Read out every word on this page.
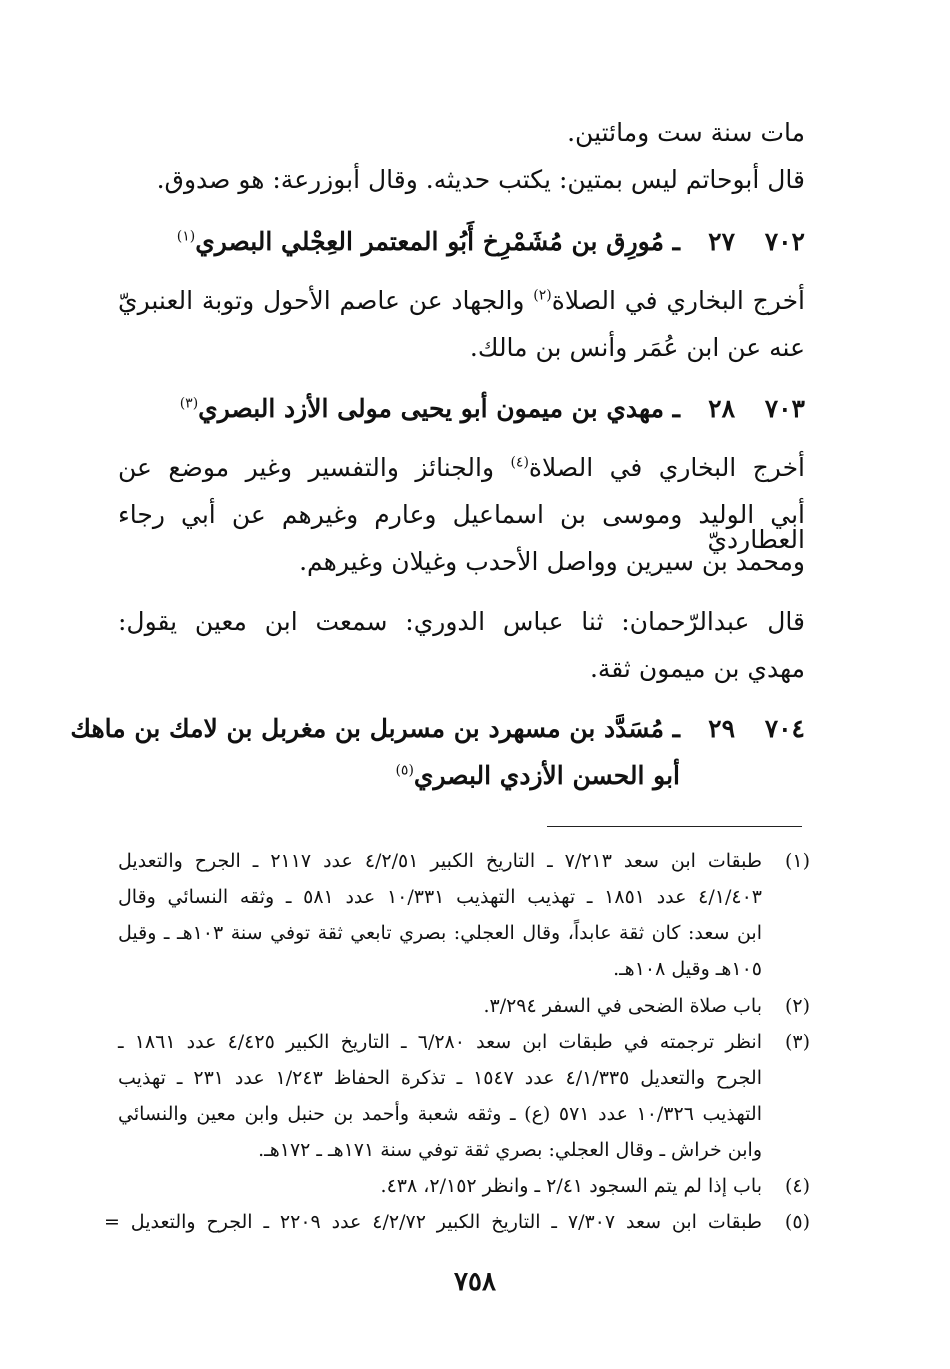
مات سنة ست ومائتين.
قال أبوحاتم ليس بمتين: يكتب حديثه. وقال أبوزرعة: هو صدوق.
٧٠٢٢٧ـ مُورِق بن مُشَمْرِخ أَبُو المعتمر العِجْلي البصري$^{(١)}$
أخرج البخاري في الصلاة$^{(٢)}$ والجهاد عن عاصم الأحول وتوبة العنبريّ
عنه عن ابن عُمَر وأنس بن مالك.
٧٠٣٢٨ـ مهدي بن ميمون أبو يحيى مولى الأزد البصري$^{(٣)}$
أخرج البخاري في الصلاة$^{(٤)}$ والجنائز والتفسير وغير موضع عن
أبي الوليد وموسى بن اسماعيل وعارم وغيرهم عن أبي رجاء العطارديّ
ومحمد بن سيرين وواصل الأحدب وغيلان وغيرهم.
قال عبدالرّحمان: ثنا عباس الدوري: سمعت ابن معين يقول:
مهدي بن ميمون ثقة.
٧٠٤٢٩ـ مُسَدَّد بن مسهرد بن مسربل بن مغربل بن لامك بن ماهك
أبو الحسن الأزدي البصري$^{(٥)}$
(١)طبقات ابن سعد ٧/٢١٣ ـ التاريخ الكبير ٤/٢/٥١ عدد ٢١١٧ ـ الجرح والتعديل
٤/١/٤٠٣ عدد ١٨٥١ ـ تهذيب التهذيب ١٠/٣٣١ عدد ٥٨١ ـ وثقه النسائي وقال
ابن سعد: كان ثقة عابداً، وقال العجلي: بصري تابعي ثقة توفي سنة ١٠٣هـ ـ وقيل
١٠٥هـ وقيل ١٠٨هـ.
(٢)باب صلاة الضحى في السفر ٣/٢٩٤.
(٣)انظر ترجمته في طبقات ابن سعد ٦/٢٨٠ ـ التاريخ الكبير ٤/٤٢٥ عدد ١٨٦١ ـ
الجرح والتعديل ٤/١/٣٣٥ عدد ١٥٤٧ ـ تذكرة الحفاظ ١/٢٤٣ عدد ٢٣١ ـ تهذيب
التهذيب ١٠/٣٢٦ عدد ٥٧١ (ع) ـ وثقه شعبة وأحمد بن حنبل وابن معين والنسائي
وابن خراش ـ وقال العجلي: بصري ثقة توفي سنة ١٧١هـ ـ ١٧٢هـ.
(٤)باب إذا لم يتم السجود ٢/٤١ ـ وانظر ٢/١٥٢، ٤٣٨.
(٥)طبقات ابن سعد ٧/٣٠٧ ـ التاريخ الكبير ٤/٢/٧٢ عدد ٢٢٠٩ ـ الجرح والتعديل =
٧٥٨
